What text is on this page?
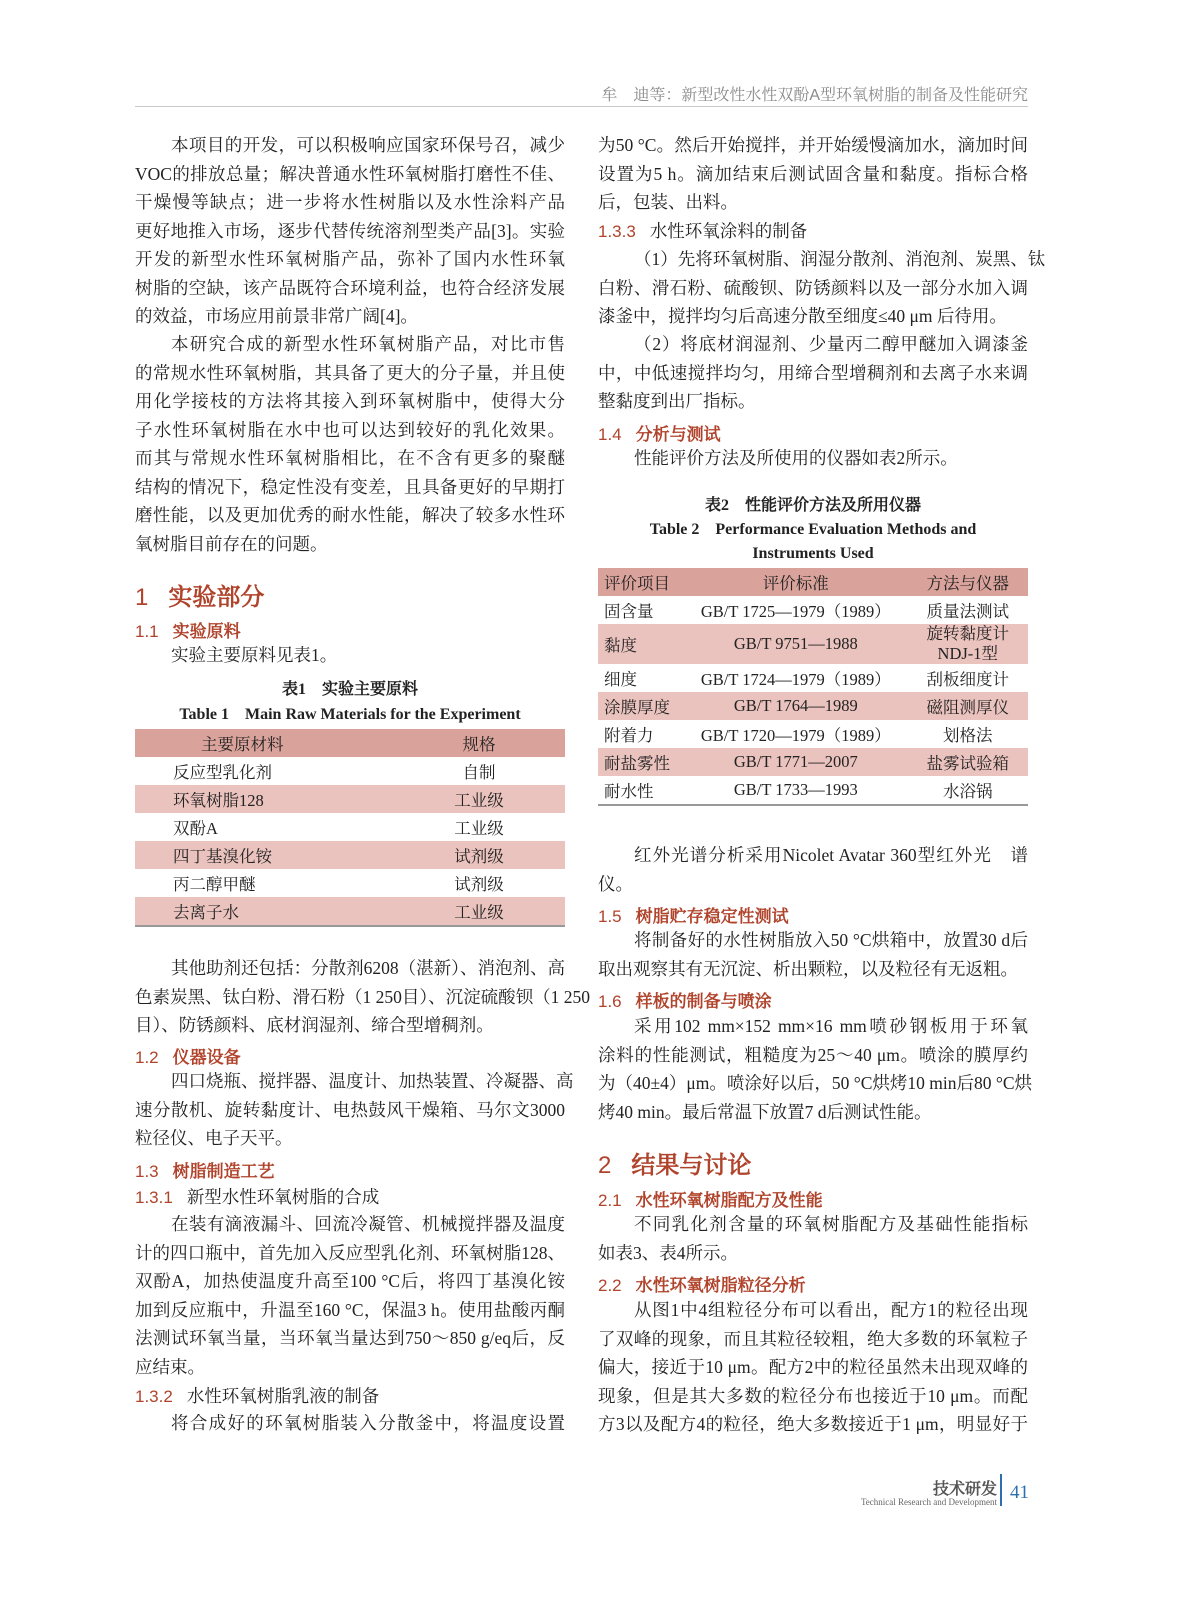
牟　迪等：新型改性水性双酚A型环氧树脂的制备及性能研究
本项目的开发，可以积极响应国家环保号召，减少
VOC的排放总量；解决普通水性环氧树脂打磨性不佳、
干燥慢等缺点；进一步将水性树脂以及水性涂料产品
更好地推入市场，逐步代替传统溶剂型类产品[3]。实验
开发的新型水性环氧树脂产品，弥补了国内水性环氧
树脂的空缺，该产品既符合环境利益，也符合经济发展
的效益，市场应用前景非常广阔[4]。
本研究合成的新型水性环氧树脂产品，对比市售
的常规水性环氧树脂，其具备了更大的分子量，并且使
用化学接枝的方法将其接入到环氧树脂中，使得大分
子水性环氧树脂在水中也可以达到较好的乳化效果。
而其与常规水性环氧树脂相比，在不含有更多的聚醚
结构的情况下，稳定性没有变差，且具备更好的早期打
磨性能，以及更加优秀的耐水性能，解决了较多水性环
氧树脂目前存在的问题。
1 实验部分
1.1 实验原料
实验主要原料见表1。
表1　实验主要原料
Table 1　Main Raw Materials for the Experiment
主要原材料	规格
反应型乳化剂	自制
环氧树脂128	工业级
双酚A	工业级
四丁基溴化铵	试剂级
丙二醇甲醚	试剂级
去离子水	工业级
其他助剂还包括：分散剂6208（湛新）、消泡剂、高
色素炭黑、钛白粉、滑石粉（1 250目）、沉淀硫酸钡（1 250
目）、防锈颜料、底材润湿剂、缔合型增稠剂。
1.2 仪器设备
四口烧瓶、搅拌器、温度计、加热装置、冷凝器、高
速分散机、旋转黏度计、电热鼓风干燥箱、马尔文3000
粒径仪、电子天平。
1.3 树脂制造工艺
1.3.1 新型水性环氧树脂的合成
在装有滴液漏斗、回流冷凝管、机械搅拌器及温度
计的四口瓶中，首先加入反应型乳化剂、环氧树脂128、
双酚A，加热使温度升高至100 °C后，将四丁基溴化铵
加到反应瓶中，升温至160 °C，保温3 h。使用盐酸丙酮
法测试环氧当量，当环氧当量达到750～850 g/eq后，反
应结束。
1.3.2 水性环氧树脂乳液的制备
将合成好的环氧树脂装入分散釜中，将温度设置
为50 °C。然后开始搅拌，并开始缓慢滴加水，滴加时间
设置为5 h。滴加结束后测试固含量和黏度。指标合格
后，包装、出料。
1.3.3 水性环氧涂料的制备
（1）先将环氧树脂、润湿分散剂、消泡剂、炭黑、钛
白粉、滑石粉、硫酸钡、防锈颜料以及一部分水加入调
漆釜中，搅拌均匀后高速分散至细度≤40 μm 后待用。
（2）将底材润湿剂、少量丙二醇甲醚加入调漆釜
中，中低速搅拌均匀，用缔合型增稠剂和去离子水来调
整黏度到出厂指标。
1.4 分析与测试
性能评价方法及所使用的仪器如表2所示。
表2　性能评价方法及所用仪器
Table 2　Performance Evaluation Methods and
Instruments Used
评价项目	评价标准	方法与仪器
固含量	GB/T 1725—1979（1989）	质量法测试
黏度	GB/T 9751—1988	旋转黏度计
NDJ-1型
细度	GB/T 1724—1979（1989）	刮板细度计
涂膜厚度	GB/T 1764—1989	磁阻测厚仪
附着力	GB/T 1720—1979（1989）	划格法
耐盐雾性	GB/T 1771—2007	盐雾试验箱
耐水性	GB/T 1733—1993	水浴锅
红外光谱分析采用Nicolet Avatar 360型红外光　谱
仪。
1.5 树脂贮存稳定性测试
将制备好的水性树脂放入50 °C烘箱中，放置30 d后
取出观察其有无沉淀、析出颗粒，以及粒径有无返粗。
1.6 样板的制备与喷涂
采用102 mm×152 mm×16 mm喷砂钢板用于环氧
涂料的性能测试，粗糙度为25～40 μm。喷涂的膜厚约
为（40±4）μm。喷涂好以后，50 °C烘烤10 min后80 °C烘
烤40 min。最后常温下放置7 d后测试性能。
2 结果与讨论
2.1 水性环氧树脂配方及性能
不同乳化剂含量的环氧树脂配方及基础性能指标
如表3、表4所示。
2.2 水性环氧树脂粒径分析
从图1中4组粒径分布可以看出，配方1的粒径出现
了双峰的现象，而且其粒径较粗，绝大多数的环氧粒子
偏大，接近于10 μm。配方2中的粒径虽然未出现双峰的
现象，但是其大多数的粒径分布也接近于10 μm。而配
方3以及配方4的粒径，绝大多数接近于1 μm，明显好于
技术研发
Technical Research and Development 41
